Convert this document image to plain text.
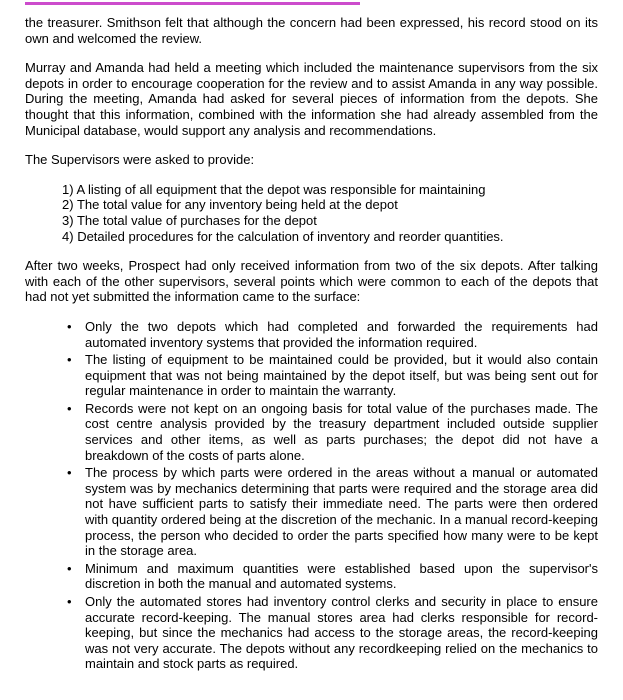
the treasurer. Smithson felt that although the concern had been expressed, his record stood on its own and welcomed the review.

Murray and Amanda had held a meeting which included the maintenance supervisors from the six depots in order to encourage cooperation for the review and to assist Amanda in any way possible. During the meeting, Amanda had asked for several pieces of information from the depots. She thought that this information, combined with the information she had already assembled from the Municipal database, would support any analysis and recommendations.

The Supervisors were asked to provide:

1) A listing of all equipment that the depot was responsible for maintaining
2) The total value for any inventory being held at the depot
3) The total value of purchases for the depot
4) Detailed procedures for the calculation of inventory and reorder quantities.

After two weeks, Prospect had only received information from two of the six depots. After talking with each of the other supervisors, several points which were common to each of the depots that had not yet submitted the information came to the surface:

• Only the two depots which had completed and forwarded the requirements had automated inventory systems that provided the information required.
• The listing of equipment to be maintained could be provided, but it would also contain equipment that was not being maintained by the depot itself, but was being sent out for regular maintenance in order to maintain the warranty.
• Records were not kept on an ongoing basis for total value of the purchases made. The cost centre analysis provided by the treasury department included outside supplier services and other items, as well as parts purchases; the depot did not have a breakdown of the costs of parts alone.
• The process by which parts were ordered in the areas without a manual or automated system was by mechanics determining that parts were required and the storage area did not have sufficient parts to satisfy their immediate need. The parts were then ordered with quantity ordered being at the discretion of the mechanic. In a manual record-keeping process, the person who decided to order the parts specified how many were to be kept in the storage area.
• Minimum and maximum quantities were established based upon the supervisor's discretion in both the manual and automated systems.
• Only the automated stores had inventory control clerks and security in place to ensure accurate record-keeping. The manual stores area had clerks responsible for record-keeping, but since the mechanics had access to the storage areas, the record-keeping was not very accurate. The depots without any recordkeeping relied on the mechanics to maintain and stock parts as required.
